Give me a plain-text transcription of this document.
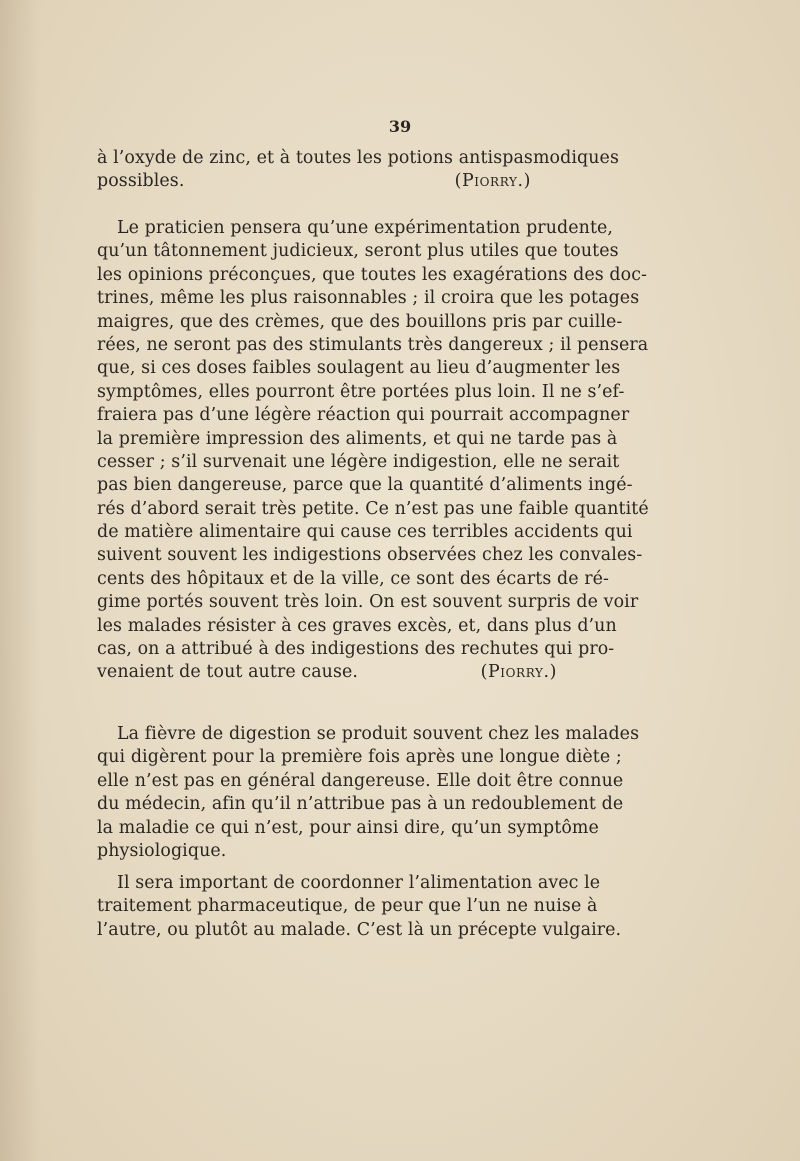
39
à l’oxyde de zinc, et à toutes les potions antispasmodiques
possibles.	(Piorry.)
Le praticien pensera qu’une expérimentation prudente,
qu’un tâtonnement judicieux, seront plus utiles que toutes
les opinions préconçues, que toutes les exagérations des doc-
trines, même les plus raisonnables ; il croira que les potages
maigres, que des crèmes, que des bouillons pris par cuille-
rées, ne seront pas des stimulants très dangereux ; il pensera
que, si ces doses faibles soulagent au lieu d’augmenter les
symptômes, elles pourront être portées plus loin. Il ne s’ef-
fraiera pas d’une légère réaction qui pourrait accompagner
la première impression des aliments, et qui ne tarde pas à
cesser ; s’il survenait une légère indigestion, elle ne serait
pas bien dangereuse, parce que la quantité d’aliments ingé-
rés d’abord serait très petite. Ce n’est pas une faible quantité
de matière alimentaire qui cause ces terribles accidents qui
suivent souvent les indigestions observées chez les convales-
cents des hôpitaux et de la ville, ce sont des écarts de ré-
gime portés souvent très loin. On est souvent surpris de voir
les malades résister à ces graves excès, et, dans plus d’un
cas, on a attribué à des indigestions des rechutes qui pro-
venaient de tout autre cause.	(Piorry.)
La fièvre de digestion se produit souvent chez les malades
qui digèrent pour la première fois après une longue diète ;
elle n’est pas en général dangereuse. Elle doit être connue
du médecin, afin qu’il n’attribue pas à un redoublement de
la maladie ce qui n’est, pour ainsi dire, qu’un symptôme
physiologique.
Il sera important de coordonner l’alimentation avec le
traitement pharmaceutique, de peur que l’un ne nuise à
l’autre, ou plutôt au malade. C’est là un précepte vulgaire.
